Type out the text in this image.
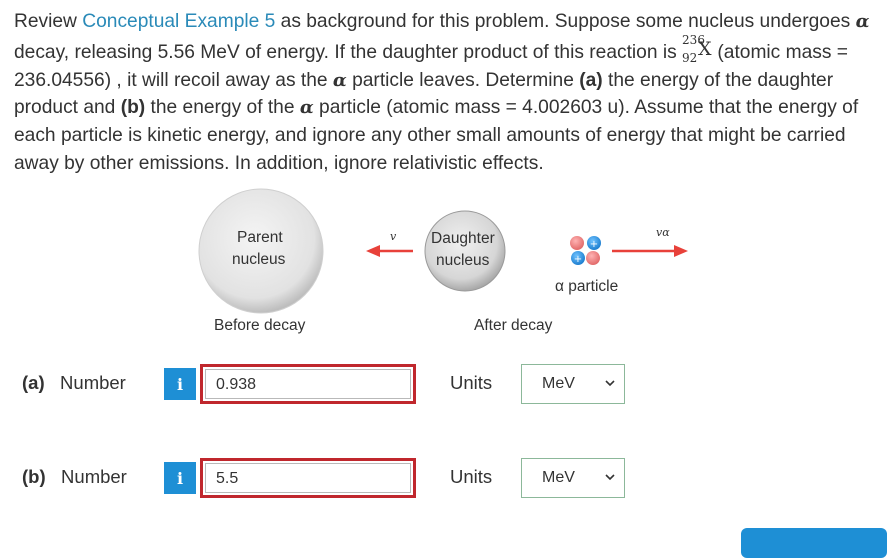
Review Conceptual Example 5 as background for this problem. Suppose some nucleus undergoes α decay, releasing 5.56 MeV of energy. If the daughter product of this reaction is
236
92 X (atomic mass = 236.04556) , it will recoil away as the α particle leaves. Determine (a) the energy of the daughter product and (b) the energy of the α particle (atomic mass = 4.002603 u). Assume that the energy of each particle is kinetic energy, and ignore any other small amounts of energy that might be carried away by other emissions. In addition, ignore relativistic effects.
+
+
v	vα
Parent
nucleus
Before decay
Daughter
nucleus
After decay
α particle
(a) Number	i	0.938	Units	MeV
(b) Number	i	5.5	Units	MeV
